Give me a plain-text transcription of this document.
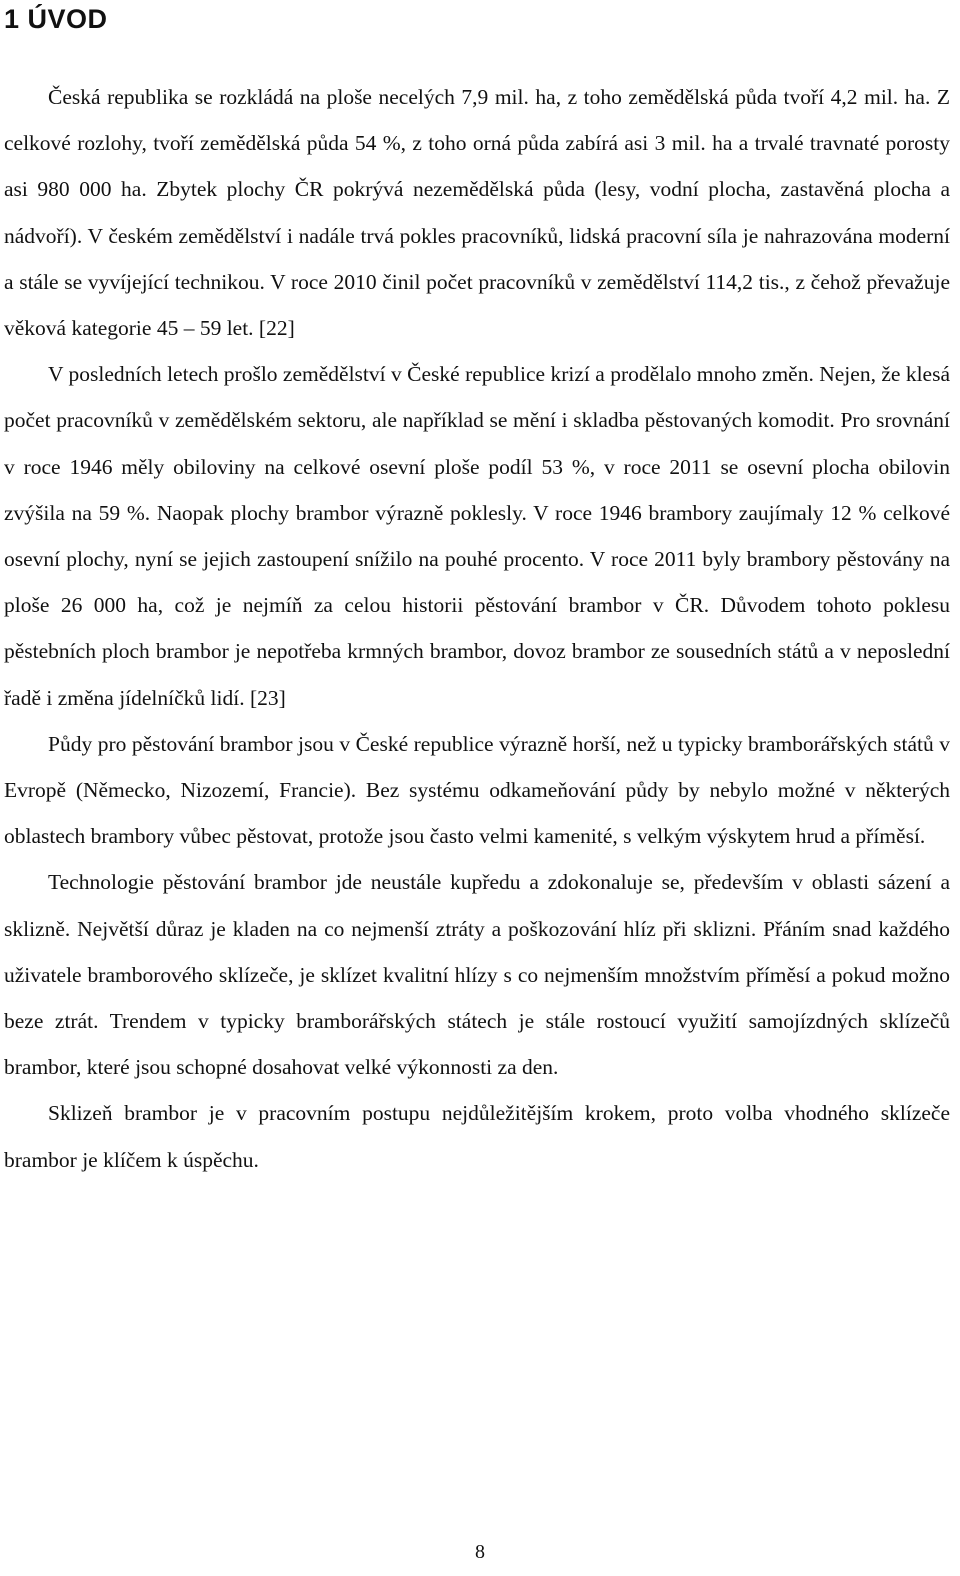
1 ÚVOD

Česká republika se rozkládá na ploše necelých 7,9 mil. ha, z toho zemědělská půda tvoří 4,2 mil. ha. Z celkové rozlohy, tvoří zemědělská půda 54 %, z toho orná půda zabírá asi 3 mil. ha a trvalé travnaté porosty asi 980 000 ha. Zbytek plochy ČR pokrývá nezemědělská půda (lesy, vodní plocha, zastavěná plocha a nádvoří). V českém zemědělství i nadále trvá pokles pracovníků, lidská pracovní síla je nahrazována moderní a stále se vyvíjející technikou. V roce 2010 činil počet pracovníků v zemědělství 114,2 tis., z čehož převažuje věková kategorie 45 – 59 let. [22]

V posledních letech prošlo zemědělství v České republice krizí a prodělalo mnoho změn. Nejen, že klesá počet pracovníků v zemědělském sektoru, ale například se mění i skladba pěstovaných komodit. Pro srovnání v roce 1946 měly obiloviny na celkové osevní ploše podíl 53 %, v roce 2011 se osevní plocha obilovin zvýšila na 59 %. Naopak plochy brambor výrazně poklesly. V roce 1946 brambory zaujímaly 12 % celkové osevní plochy, nyní se jejich zastoupení snížilo na pouhé procento. V roce 2011 byly brambory pěstovány na ploše 26 000 ha, což je nejmíň za celou historii pěstování brambor v ČR. Důvodem tohoto poklesu pěstebních ploch brambor je nepotřeba krmných brambor, dovoz brambor ze sousedních států a v neposlední řadě i změna jídelníčků lidí. [23]

Půdy pro pěstování brambor jsou v České republice výrazně horší, než u typicky bramborářských států v Evropě (Německo, Nizozemí, Francie). Bez systému odkameňování půdy by nebylo možné v některých oblastech brambory vůbec pěstovat, protože jsou často velmi kamenité, s velkým výskytem hrud a příměsí.

Technologie pěstování brambor jde neustále kupředu a zdokonaluje se, především v oblasti sázení a sklizně. Největší důraz je kladen na co nejmenší ztráty a poškozování hlíz při sklizni. Přáním snad každého uživatele bramborového sklízeče, je sklízet kvalitní hlízy s co nejmenším množstvím příměsí a pokud možno beze ztrát. Trendem v typicky bramborářských státech je stále rostoucí využití samojízdných sklízečů brambor, které jsou schopné dosahovat velké výkonnosti za den.

Sklizeň brambor je v pracovním postupu nejdůležitějším krokem, proto volba vhodného sklízeče brambor je klíčem k úspěchu.

8
